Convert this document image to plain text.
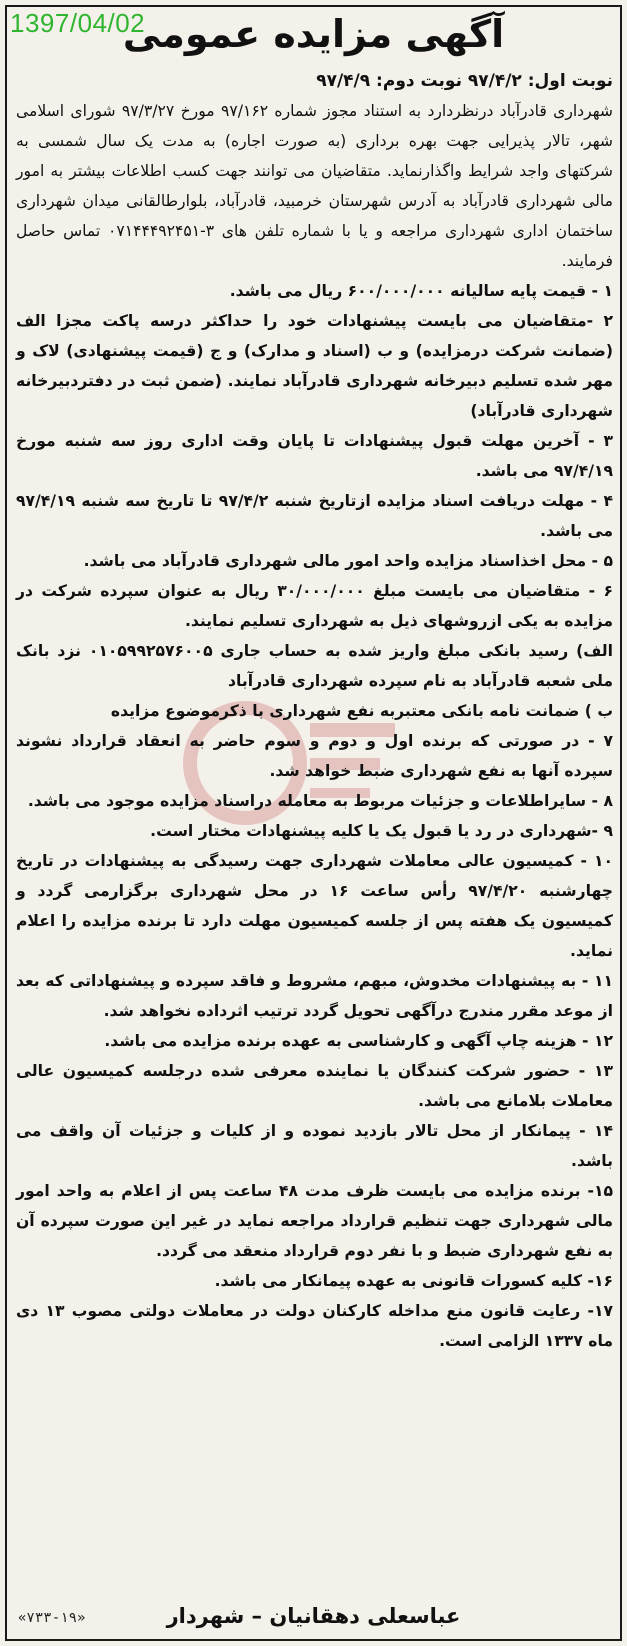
1397/04/02
آگهی مزایده عمومی

نوبت اول: ۹۷/۴/۲ نوبت دوم: ۹۷/۴/۹

شهرداری قادرآباد درنظردارد به استناد مجوز شماره ۹۷/۱۶۲ مورخ ۹۷/۳/۲۷ شورای اسلامی شهر، تالار پذیرایی جهت بهره برداری (به صورت اجاره) به مدت یک سال شمسی به شرکتهای واجد شرایط واگذارنماید. متقاضیان می توانند جهت کسب اطلاعات بیشتر به امور مالی شهرداری قادرآباد به آدرس شهرستان خرمبید، قادرآباد، بلوارطالقانی میدان شهرداری ساختمان اداری شهرداری مراجعه و یا با شماره تلفن های ۳-۰۷۱۴۴۴۹۲۴۵۱ تماس حاصل فرمایند.

۱ - قیمت پایه سالیانه ۶۰۰/۰۰۰/۰۰۰ ریال می باشد.

۲ -متقاضیان می بایست پیشنهادات خود را حداکثر درسه پاکت مجزا الف (ضمانت شرکت درمزایده) و ب (اسناد و مدارک) و ج (قیمت پیشنهادی) لاک و مهر شده تسلیم دبیرخانه شهرداری قادرآباد نمایند. (ضمن ثبت در دفتردبیرخانه شهرداری قادرآباد)

۳ - آخرین مهلت قبول پیشنهادات تا پایان وقت اداری روز سه شنبه مورخ ۹۷/۴/۱۹ می باشد.

۴ - مهلت دریافت اسناد مزایده ازتاریخ شنبه ۹۷/۴/۲ تا تاریخ سه شنبه ۹۷/۴/۱۹ می باشد.

۵ - محل اخذاسناد مزایده واحد امور مالی شهرداری قادرآباد می باشد.

۶ - متقاضیان می بایست مبلغ ۳۰/۰۰۰/۰۰۰ ریال به عنوان سپرده شرکت در مزایده به یکی ازروشهای ذیل به شهرداری تسلیم نمایند.

الف) رسید بانکی مبلغ واریز شده به حساب جاری ۰۱۰۵۹۹۲۵۷۶۰۰۵ نزد بانک ملی شعبه قادرآباد به نام سپرده شهرداری قادرآباد

ب ) ضمانت نامه بانکی معتبربه نفع شهرداری با ذکرموضوع مزایده

۷ - در صورتی که برنده اول و دوم و سوم حاضر به انعقاد قرارداد نشوند سپرده آنها به نفع شهرداری ضبط خواهد شد.

۸ - سایراطلاعات و جزئیات مربوط به معامله دراسناد مزایده موجود می باشد.

۹ -شهرداری در رد یا قبول یک یا کلیه پیشنهادات مختار است.

۱۰ - کمیسیون عالی معاملات شهرداری جهت رسیدگی به پیشنهادات در تاریخ چهارشنبه ۹۷/۴/۲۰ رأس ساعت ۱۶ در محل شهرداری برگزارمی گردد و کمیسیون یک هفته پس از جلسه کمیسیون مهلت دارد تا برنده مزایده را اعلام نماید.

۱۱ - به پیشنهادات مخدوش، مبهم، مشروط و فاقد سپرده و پیشنهاداتی که بعد از موعد مقرر مندرج درآگهی تحویل گردد ترتیب اثرداده نخواهد شد.

۱۲ - هزینه چاپ آگهی و کارشناسی به عهده برنده مزایده می باشد.

۱۳ - حضور شرکت کنندگان یا نماینده معرفی شده درجلسه کمیسیون عالی معاملات بلامانع می باشد.

۱۴ - پیمانکار از محل تالار بازدید نموده و از کلیات و جزئیات آن واقف می باشد.

۱۵- برنده مزایده می بایست ظرف مدت ۴۸ ساعت پس از اعلام به واحد امور مالی شهرداری جهت تنظیم قرارداد مراجعه نماید در غیر این صورت سپرده آن به نفع شهرداری ضبط و با نفر دوم قرارداد منعقد می گردد.

۱۶- کلیه کسورات قانونی به عهده پیمانکار می باشد.

۱۷- رعایت قانون منع مداخله کارکنان دولت در معاملات دولتی مصوب ۱۳ دی ماه ۱۳۳۷ الزامی است.

عباسعلی دهقانیان – شهردار
«۷۳۳-۱۹»
